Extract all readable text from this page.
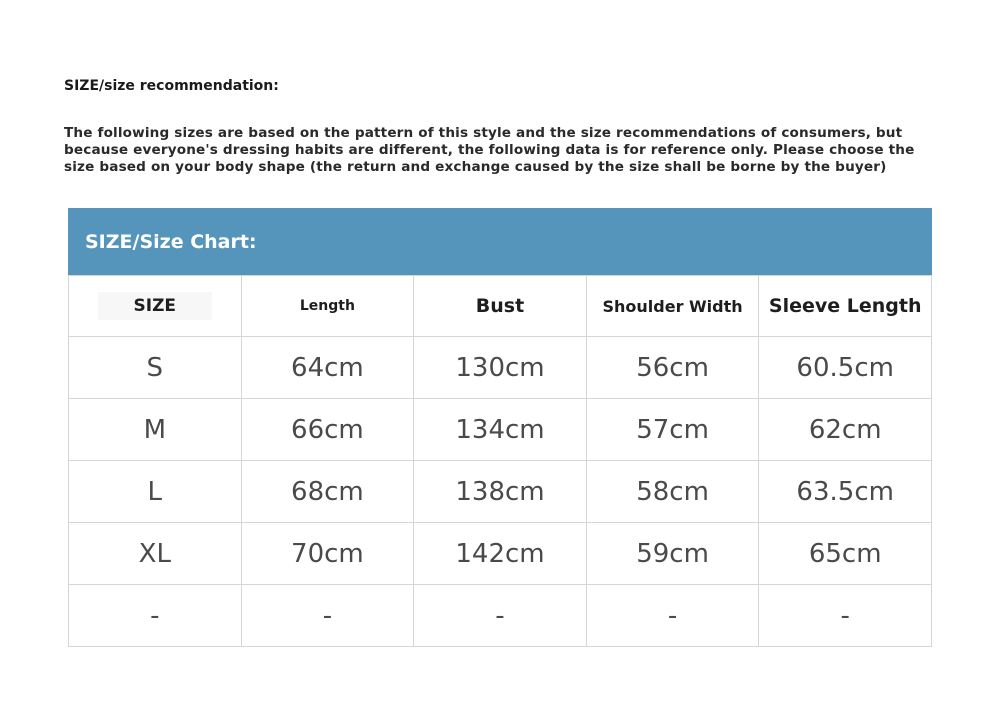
SIZE/size recommendation:
The following sizes are based on the pattern of this style and the size recommendations of consumers, but because everyone's dressing habits are different, the following data is for reference only. Please choose the size based on your body shape (the return and exchange caused by the size shall be borne by the buyer)
SIZE/Size Chart:
SIZE	Length	Bust	Shoulder Width	Sleeve Length
S	64cm	130cm	56cm	60.5cm
M	66cm	134cm	57cm	62cm
L	68cm	138cm	58cm	63.5cm
XL	70cm	142cm	59cm	65cm
-	-	-	-	-
